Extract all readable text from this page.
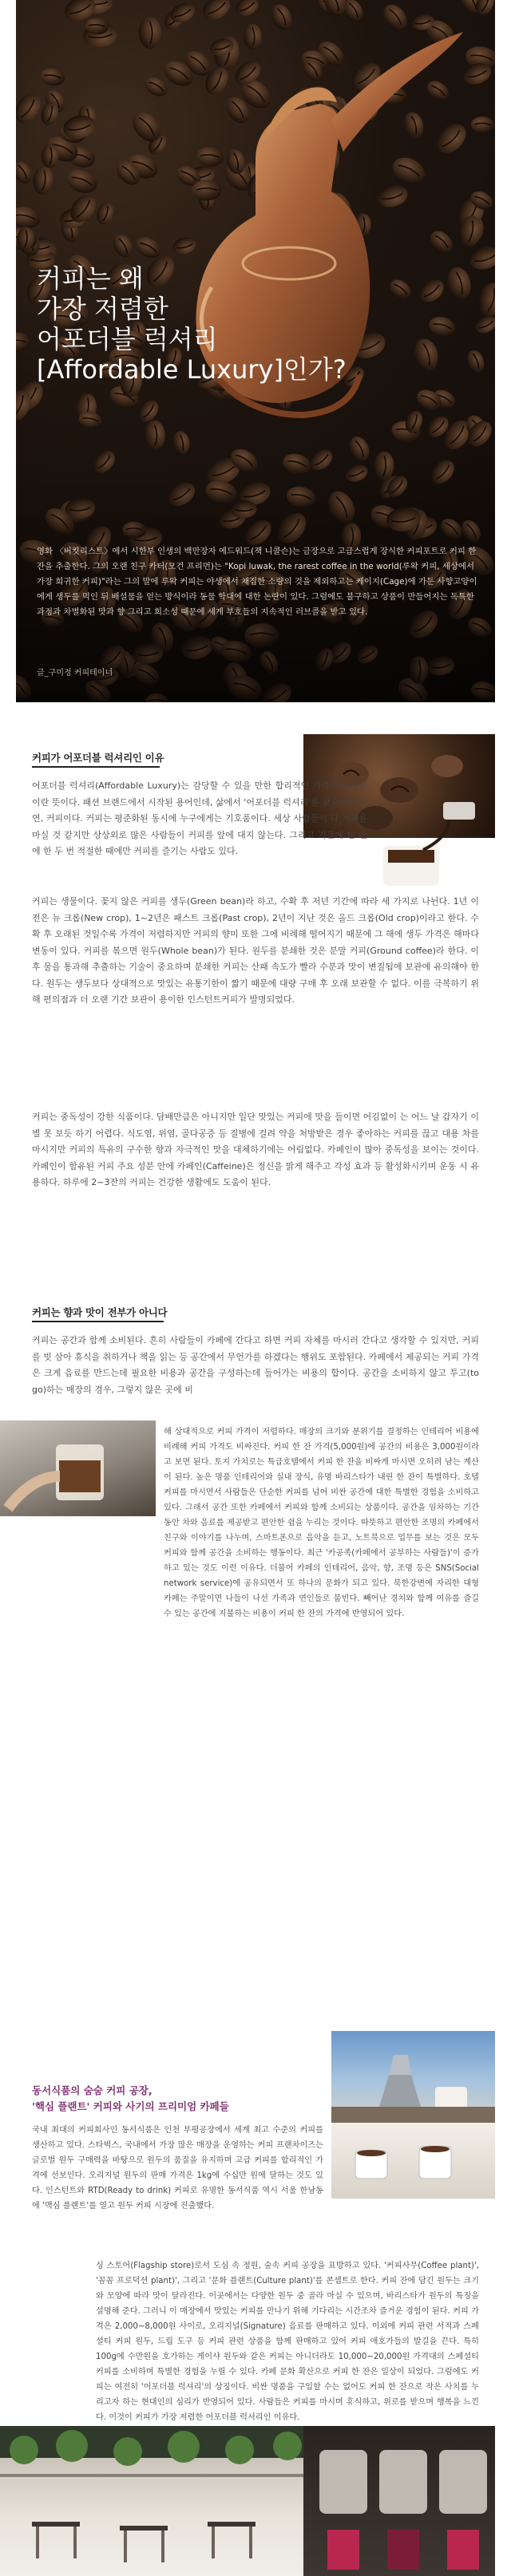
커피는 왜
가장 저렴한
어포더블 럭셔리
[Affordable Luxury]인가?

영화 〈버킷리스트〉에서 시한부 인생의 백만장자 에드워드(잭 니콜슨)는 금장으로 고급스럽게 장식한 커피포트로 커피 한 잔을 추출한다. 그의 오랜 친구 카터(모건 프리먼)는 "Kopi luwak, the rarest coffee in the world(루왁 커피, 세상에서 가장 희귀한 커피)"라는 그의 말에 루왁 커피는 야생에서 채집한 소량의 것을 제외하고는 케이지(Cage)에 가둔 사향고양이에게 생두를 먹인 뒤 배설물을 얻는 방식이라 동물 학대에 대한 논란이 있다. 그럼에도 불구하고 상품이 만들어지는 독특한 과정과 차별화된 맛과 향 그리고 희소성 때문에 세계 부호들의 지속적인 러브콜을 받고 있다.

글_구미정 커피테이너

커피가 어포더블 럭셔리인 이유

어포더블 럭셔리(Affordable Luxury)는 감당할 수 있을 만한 합리적인 가격의 사치품이란 뜻이다. 패션 브랜드에서 시작된 용어인데, 삶에서 '어포더블 럭셔리'를 찾으려면 단연, 커피이다. 커피는 평준화된 동시에 누구에게는 기호품이다. 세상 사람들이 다 커피를 마실 것 같지만 상상외로 많은 사람들이 커피를 앞에 대지 않는다. 그리고 기분에 한 잔에 한 두 번 적절한 때에만 커피를 즐기는 사람도 있다.

커피는 생물이다. 꽃지 않은 커피를 생두(Green bean)라 하고, 수확 후 저년 기간에 따라 세 가지로 나뉜다. 1년 이전은 뉴 크롭(New crop), 1~2년은 패스트 크롭(Past crop), 2년이 지난 것은 올드 크롭(Old crop)이라고 한다. 수확 후 오래된 것일수록 가격이 저렴하지만 커피의 향미 또한 그에 비례해 떨어지기 때문에 그 해에 생두 가격은 해마다 변동이 있다. 커피를 볶으면 원두(Whole bean)가 된다. 원두를 분쇄한 것은 분말 커피(Ground coffee)라 한다. 이후 물을 통과해 추출하는 기술이 중요하며 분쇄한 커피는 산패 속도가 빨라 수분과 맛이 변질됨에 보관에 유의해야 한다. 원두는 생두보다 상대적으로 맛있는 유통기한이 짧기 때문에 대량 구매 후 오래 보관할 수 없다. 이를 극복하기 위해 편의점과 더 오랜 기간 보관이 용이한 인스턴트커피가 발명되었다.

커피는 중독성이 강한 식품이다. 담배만큼은 아니지만 일단 맛있는 커피에 맛을 들이면 어김없이 는 어느 날 갑자기 이별 못 보듯 하기 어렵다. 식도염, 위염, 골다공증 등 질병에 걸려 약을 처방받은 경우 좋아하는 커피를 끊고 대용 차를 마시지만 커피의 특유의 구수한 향과 자극적인 맛을 대체하기에는 어림없다. 카페인이 많아 중독성을 보이는 것이다. 카페인이 함유된 커피 주요 성분 안에 카페인(Caffeine)은 정신을 맑게 해주고 각성 효과 등 활성화시키며 운동 시 유용하다. 하루에 2~3잔의 커피는 건강한 생활에도 도움이 된다.

커피는 향과 맛이 전부가 아니다

커피는 공간과 함께 소비된다. 흔히 사람들이 카페에 간다고 하면 커피 자체를 마시러 간다고 생각할 수 있지만, 커피를 빗 삼아 휴식을 취하거나 책을 읽는 등 공간에서 무언가를 하겠다는 행위도 포함된다. 카페에서 제공되는 커피 가격은 크게 음료를 만드는데 필요한 비용과 공간을 구성하는데 들어가는 비용의 합이다. 공간을 소비하지 않고 투고(to go)하는 매장의 경우, 그렇지 않은 곳에 비

해 상대적으로 커피 가격이 저렴하다. 매장의 크기와 분위기를 결정하는 인테리어 비용에 비례해 커피 가격도 비싸진다. 커피 한 잔 가격(5,000원)에 공간의 비용은 3,000원이라고 보면 된다. 토지 가치로는 특급호텔에서 커피 한 잔을 비싸게 마시면 오히려 남는 계산이 된다. 높은 명품 인테리어와 실내 장식, 유명 바리스타가 내린 한 잔이 특별하다. 호텔 커피를 마시면서 사람들은 단순한 커피를 넘어 비싼 공간에 대한 특별한 경험을 소비하고 있다. 그래서 공간 또한 카페에서 커피와 함께 소비되는 상품이다. 공간을 임차하는 기간 동안 차와 음료를 제공받고 편안한 쉼을 누리는 것이다. 따뜻하고 편안한 조명의 카페에서 친구와 이야기를 나누며, 스마트폰으로 음악을 듣고, 노트북으로 업무를 보는 것은 모두 커피와 함께 공간을 소비하는 행동이다. 최근 '카공족(카페에서 공부하는 사람들)'이 증가하고 있는 것도 이런 이유다. 더불어 카페의 인테리어, 음악, 향, 조명 등은 SNS(Social network service)에 공유되면서 또 하나의 문화가 되고 있다. 북한강변에 자리한 대형 카페는 주말이면 나들이 나선 가족과 연인들로 붐빈다. 빼어난 경치와 함께 여유를 즐길 수 있는 공간에 지불하는 비용이 커피 한 잔의 가격에 반영되어 있다.

동서식품의 숨숨 커피 공장,
'핵심 플랜트' 커피와 사기의 프리미엄 카페들

국내 최대의 커피회사인 동서식품은 인천 부평공장에서 세계 최고 수준의 커피를 생산하고 있다. 스타벅스, 국내에서 가장 많은 매장을 운영하는 커피 프랜차이즈는 글로벌 원두 구매력을 바탕으로 원두의 품질을 유지하며 고급 커피를 합리적인 가격에 선보인다. 오리지널 원두의 판매 가격은 1kg에 수십만 원에 달하는 것도 있다. 인스턴트와 RTD(Ready to drink) 커피로 유명한 동서식품 역시 서울 한남동에 '맥심 플랜트'를 열고 원두 커피 시장에 진출했다.

싱 스토어(Flagship store)로서 도심 속 정원, 숲속 커피 공장을 표방하고 있다. '커피사무(Coffee plant)', '꼼꼼 프로덕션 plant)', 그리고 '문화 플랜트(Culture plant)'를 콘셉트로 한다. 커피 잔에 담긴 원두는 크기와 모양에 따라 맛이 달라진다. 이곳에서는 다양한 원두 중 골라 마실 수 있으며, 바리스타가 원두의 특징을 설명해 준다. 그러니 이 매장에서 맛있는 커피를 만나기 위해 기다리는 시간조차 즐거운 경험이 된다. 커피 가격은 2,000~8,000원 사이로, 오리지널(Signature) 음료를 판매하고 있다. 이외에 커피 관련 서적과 스페셜티 커피 원두, 드립 도구 등 커피 관련 상품을 함께 판매하고 있어 커피 애호가들의 발길을 끈다. 특히 100g에 수만원을 호가하는 게이샤 원두와 같은 커피는 아니더라도 10,000~20,000원 가격대의 스페셜티 커피를 소비하며 특별한 경험을 누릴 수 있다. 카페 문화 확산으로 커피 한 잔은 일상이 되었다. 그럼에도 커피는 여전히 '어포더블 럭셔리'의 상징이다. 비싼 명품을 구입할 수는 없어도 커피 한 잔으로 작은 사치를 누리고자 하는 현대인의 심리가 반영되어 있다. 사람들은 커피를 마시며 휴식하고, 위로를 받으며 행복을 느낀다. 이것이 커피가 가장 저렴한 어포더블 럭셔리인 이유다.
